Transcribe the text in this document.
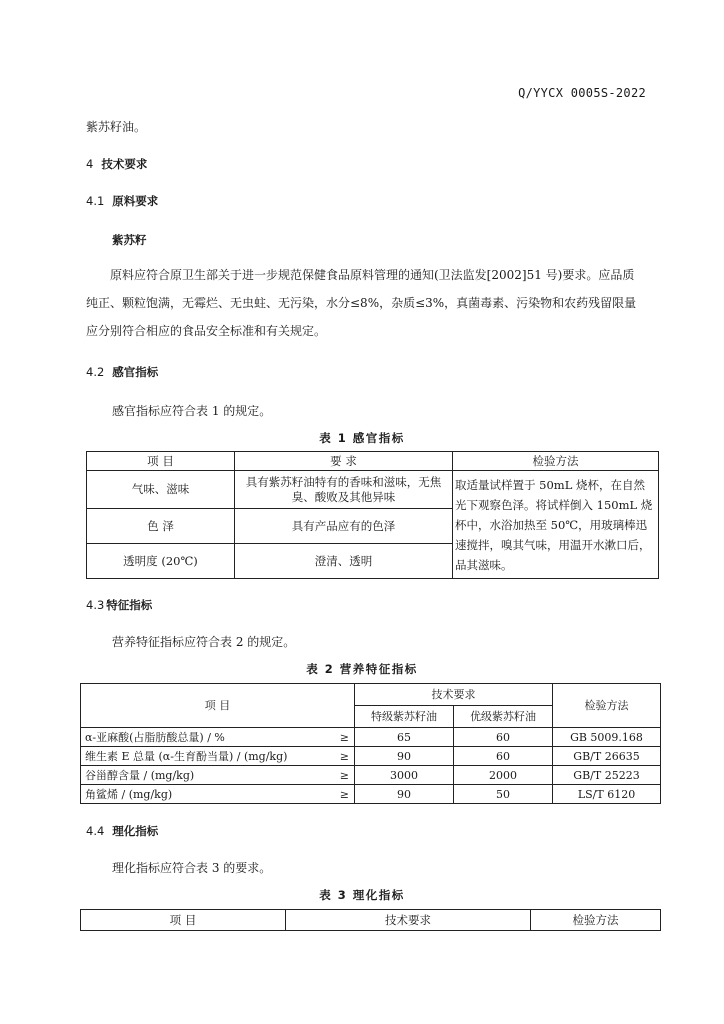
Q/YYCX 0005S-2022
紫苏籽油。
4 技术要求
4.1 原料要求
紫苏籽
原料应符合原卫生部关于进一步规范保健食品原料管理的通知(卫法监发[2002]51 号)要求。应品质纯正、颗粒饱满，无霉烂、无虫蛀、无污染，水分≤8%，杂质≤3%，真菌毒素、污染物和农药残留限量应分别符合相应的食品安全标准和有关规定。
4.2 感官指标
感官指标应符合表 1 的规定。
表 1 感官指标
项 目	要 求	检验方法
气味、滋味	具有紫苏籽油特有的香味和滋味，无焦臭、酸败及其他异味	取适量试样置于 50mL 烧杯，在自然光下观察色泽。将试样倒入 150mL 烧杯中，水浴加热至 50℃，用玻璃棒迅速搅拌，嗅其气味，用温开水漱口后，品其滋味。
色 泽	具有产品应有的色泽	
透明度 (20℃)	澄清、透明	
4.3 特征指标
营养特征指标应符合表 2 的规定。
表 2 营养特征指标
项 目	技术要求		检验方法
	特级紫苏籽油	优级紫苏籽油	
α-亚麻酸(占脂肪酸总量) / % ≥	65	60	GB 5009.168
维生素 E 总量 (α-生育酚当量) / (mg/kg) ≥	90	60	GB/T 26635
谷甾醇含量 / (mg/kg) ≥	3000	2000	GB/T 25223
角鲨烯 / (mg/kg) ≥	90	50	LS/T 6120
4.4 理化指标
理化指标应符合表 3 的要求。
表 3 理化指标
项 目	技术要求	检验方法
